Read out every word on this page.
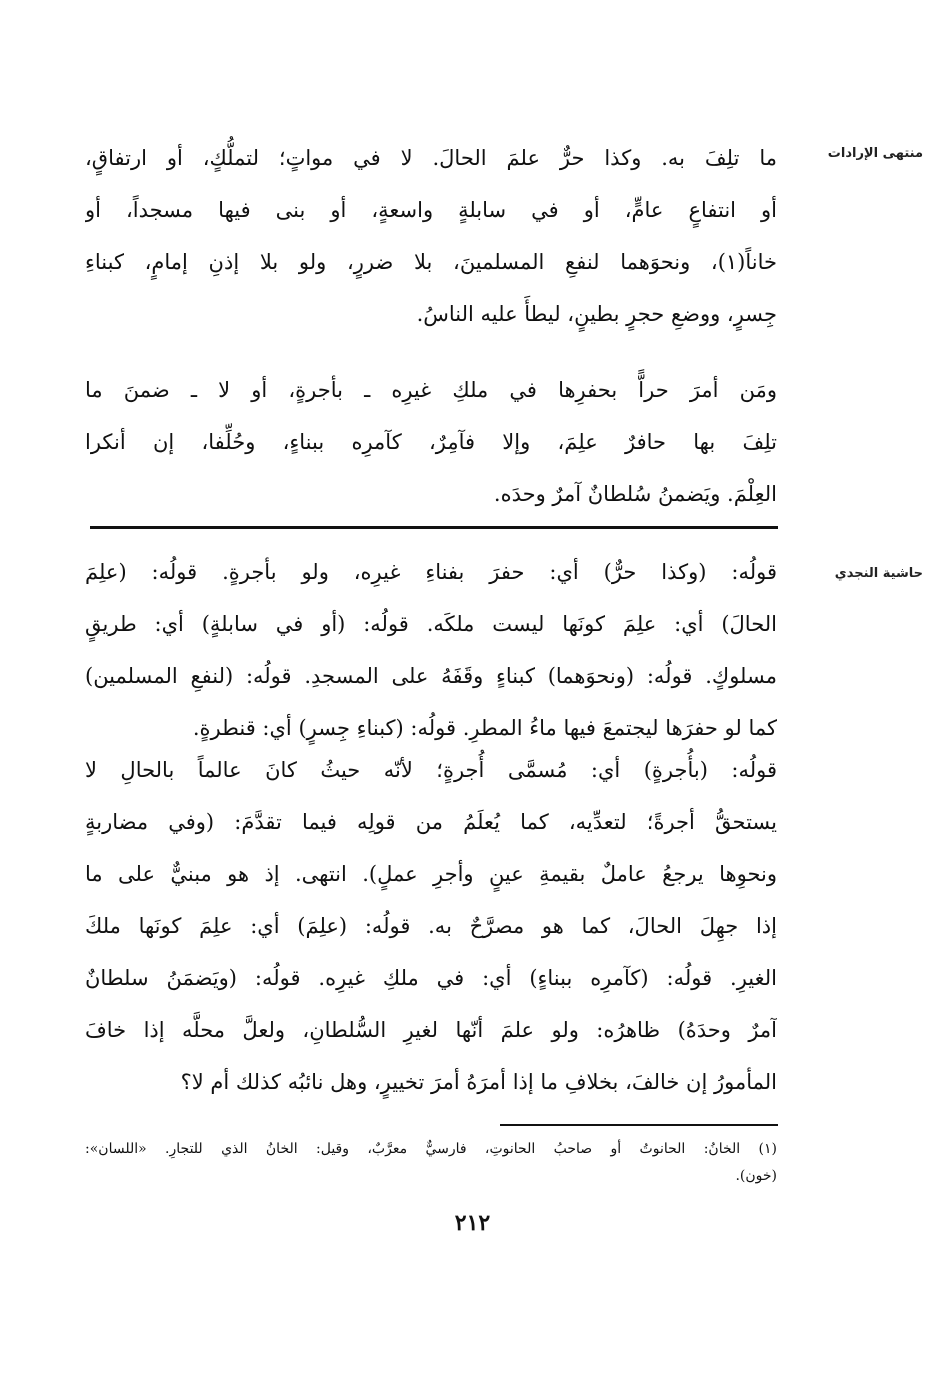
منتهى الإرادات
حاشية النجدي
ما تلِفَ به. وكذا حرٌّ علمَ الحالَ. لا في مواتٍ؛ لتملُّكٍ، أو ارتفاقٍ،
أو انتفاعٍ عامٍّ، أو في سابلةٍ واسعةٍ، أو بنى فيها مسجداً، أو
خاناً(١)، ونحوَهما لنفعِ المسلمينَ، بلا ضررٍ، ولو بلا إذنِ إمامٍ، كبناءِ
جِسرٍ، ووضعِ حجرٍ بطينٍ، ليطأَ عليه الناسُ.
ومَن أمرَ حراًّ بحفرِها في ملكِ غيرِه ـ بأجرةٍ، أو لا ـ ضمنَ ما
تلِفَ بها حافرٌ علِمَ، وإلا فآمِرٌ، كآمرِه ببناءٍ، وحُلِّفا، إن أنكرا
العِلْمَ. ويَضمنُ سُلطانٌ آمرٌ وحدَه.
قولُه: (وكذا حرٌّ) أي: حفرَ بفناءِ غيرِه، ولو بأجرةٍ. قولُه: (علِمَ
الحالَ) أي: علِمَ كونَها ليست ملكَه. قولُه: (أو في سابلةٍ) أي: طريقٍ
مسلوكٍ. قولُه: (ونحوَهما) كبناءٍ وقَفَهُ على المسجدِ. قولُه: (لنفعِ المسلمين)
كما لو حفرَها ليجتمعَ فيها ماءُ المطرِ. قولُه: (كبناءِ جِسرٍ) أي: قنطرةٍ.
قولُه: (بأُجرةٍ) أي: مُسمَّى أُجرةٍ؛ لأنّه حيثُ كانَ عالماً بالحالِ لا
يستحقُّ أجرةً؛ لتعدِّيه، كما يُعلَمُ من قولِه فيما تقدَّمَ: (وفي مضاربةٍ
ونحوِها يرجعُ عاملٌ بقيمةِ عينٍ وأجرِ عملٍ). انتهى. إذ هو مبنيٌّ على ما
إذا جهِلَ الحالَ، كما هو مصرَّحٌ به. قولُه: (علِمَ) أي: علِمَ كونَها ملكَ
الغيرِ. قولُه: (كآمرِه ببناءٍ) أي: في ملكِ غيرِه. قولُه: (ويَضمَنُ سلطانٌ
آمرٌ وحدَهُ) ظاهرُه: ولو علمَ أنّها لغيرِ السُّلطانِ، ولعلَّ محلَّه إذا خافَ
المأمورُ إن خالفَ، بخلافِ ما إذا أمرَهُ أمرَ تخييرٍ، وهل نائبُه كذلك أم لا؟
(١) الخانُ: الحانوتُ أو صاحبُ الحانوتِ، فارسيٌّ معرَّبٌ، وقيل: الخانُ الذي للتجارِ. «اللسان»:
(خون).
٢١٢
